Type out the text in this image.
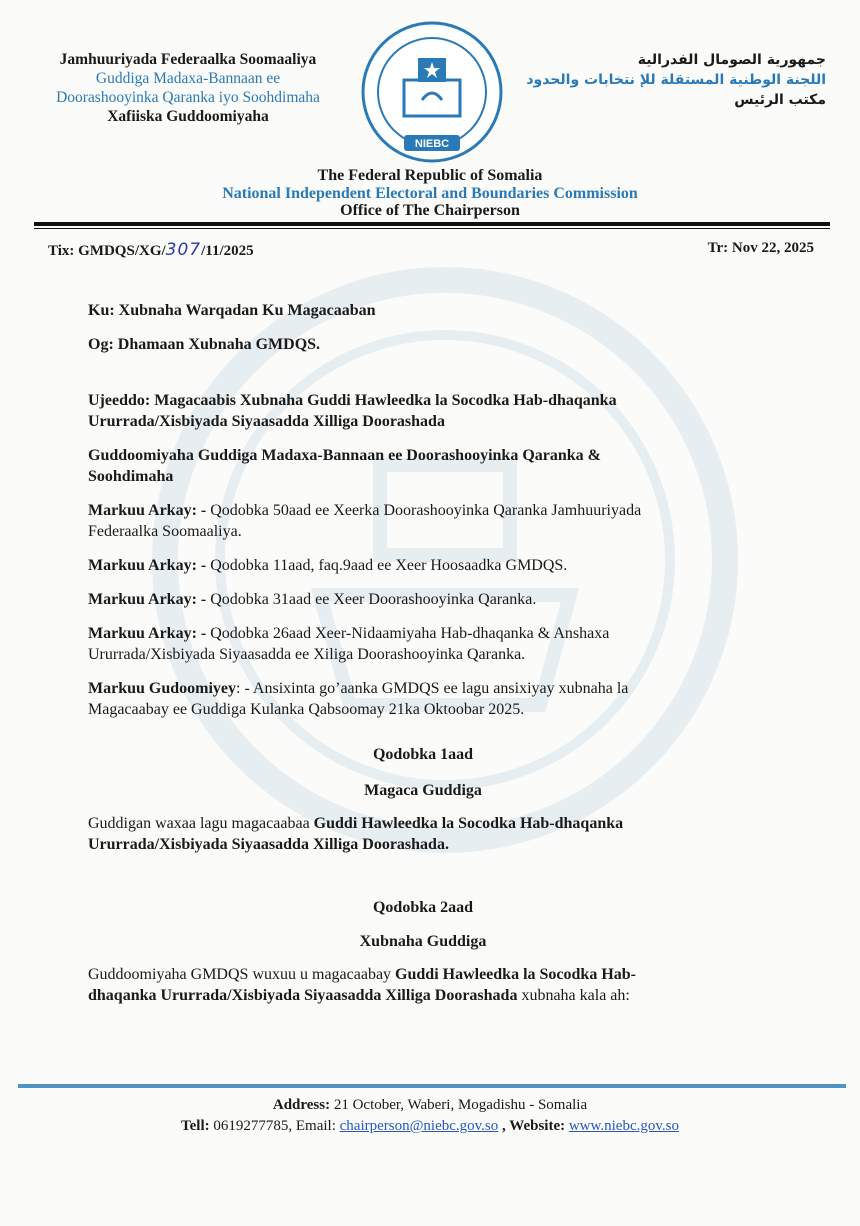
Jamhuuriyada Federaalka Soomaaliya
Guddiga Madaxa-Bannaan ee
Doorashooyinka Qaranka iyo Soohdimaha
Xafiiska Guddoomiyaha
NIEBC
جمهورية الصومال الفدرالية
اللجنة الوطنية المستقلة للإ نتخابات والحدود
مكتب الرئيس
The Federal Republic of Somalia
National Independent Electoral and Boundaries Commission
Office of The Chairperson
Tix: GMDQS/XG/307/11/2025	Tr: Nov 22, 2025

Ku: Xubnaha Warqadan Ku Magacaaban

Og: Dhamaan Xubnaha GMDQS.

Ujeeddo: Magacaabis Xubnaha Guddi Hawleedka la Socodka Hab-dhaqanka

Ururrada/Xisbiyada Siyaasadda Xilliga Doorashada

Guddoomiyaha Guddiga Madaxa-Bannaan ee Doorashooyinka Qaranka &

Soohdimaha

Markuu Arkay: - Qodobka 50aad ee Xeerka Doorashooyinka Qaranka Jamhuuriyada

Federaalka Soomaaliya.

Markuu Arkay: - Qodobka 11aad, faq.9aad ee Xeer Hoosaadka GMDQS.

Markuu Arkay: - Qodobka 31aad ee Xeer Doorashooyinka Qaranka.

Markuu Arkay: - Qodobka 26aad Xeer-Nidaamiyaha Hab-dhaqanka & Anshaxa

Ururrada/Xisbiyada Siyaasadda ee Xiliga Doorashooyinka Qaranka.

Markuu Gudoomiyey: - Ansixinta go’aanka GMDQS ee lagu ansixiyay xubnaha la

Magacaabay ee Guddiga Kulanka Qabsoomay 21ka Oktoobar 2025.

Qodobka 1aad

Magaca Guddiga

Guddigan waxaa lagu magacaabaa Guddi Hawleedka la Socodka Hab-dhaqanka

Ururrada/Xisbiyada Siyaasadda Xilliga Doorashada.

Qodobka 2aad

Xubnaha Guddiga

Guddoomiyaha GMDQS wuxuu u magacaabay Guddi Hawleedka la Socodka Hab-

dhaqanka Ururrada/Xisbiyada Siyaasadda Xilliga Doorashada xubnaha kala ah:

Address: 21 October, Waberi, Mogadishu - Somalia
Tell: 0619277785, Email: chairperson@niebc.gov.so , Website: www.niebc.gov.so
